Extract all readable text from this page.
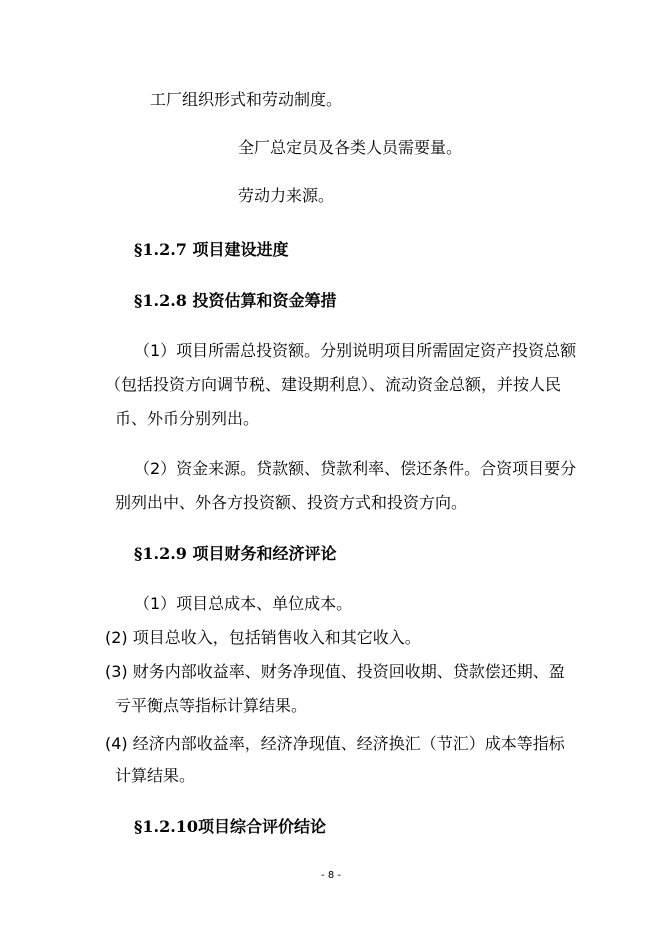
工厂组织形式和劳动制度。
全厂总定员及各类人员需要量。
劳动力来源。
§1.2.7 项目建设进度
§1.2.8 投资估算和资金筹措
（1）项目所需总投资额。分别说明项目所需固定资产投资总额
（包括投资方向调节税、建设期利息）、流动资金总额，并按人民
币、外币分别列出。
（2）资金来源。贷款额、贷款利率、偿还条件。合资项目要分
别列出中、外各方投资额、投资方式和投资方向。
§1.2.9 项目财务和经济评论
（1）项目总成本、单位成本。
(2) 项目总收入，包括销售收入和其它收入。
(3) 财务内部收益率、财务净现值、投资回收期、贷款偿还期、盈
亏平衡点等指标计算结果。
(4) 经济内部收益率，经济净现值、经济换汇（节汇）成本等指标
计算结果。
§1.2.10项目综合评价结论
- 8 -
